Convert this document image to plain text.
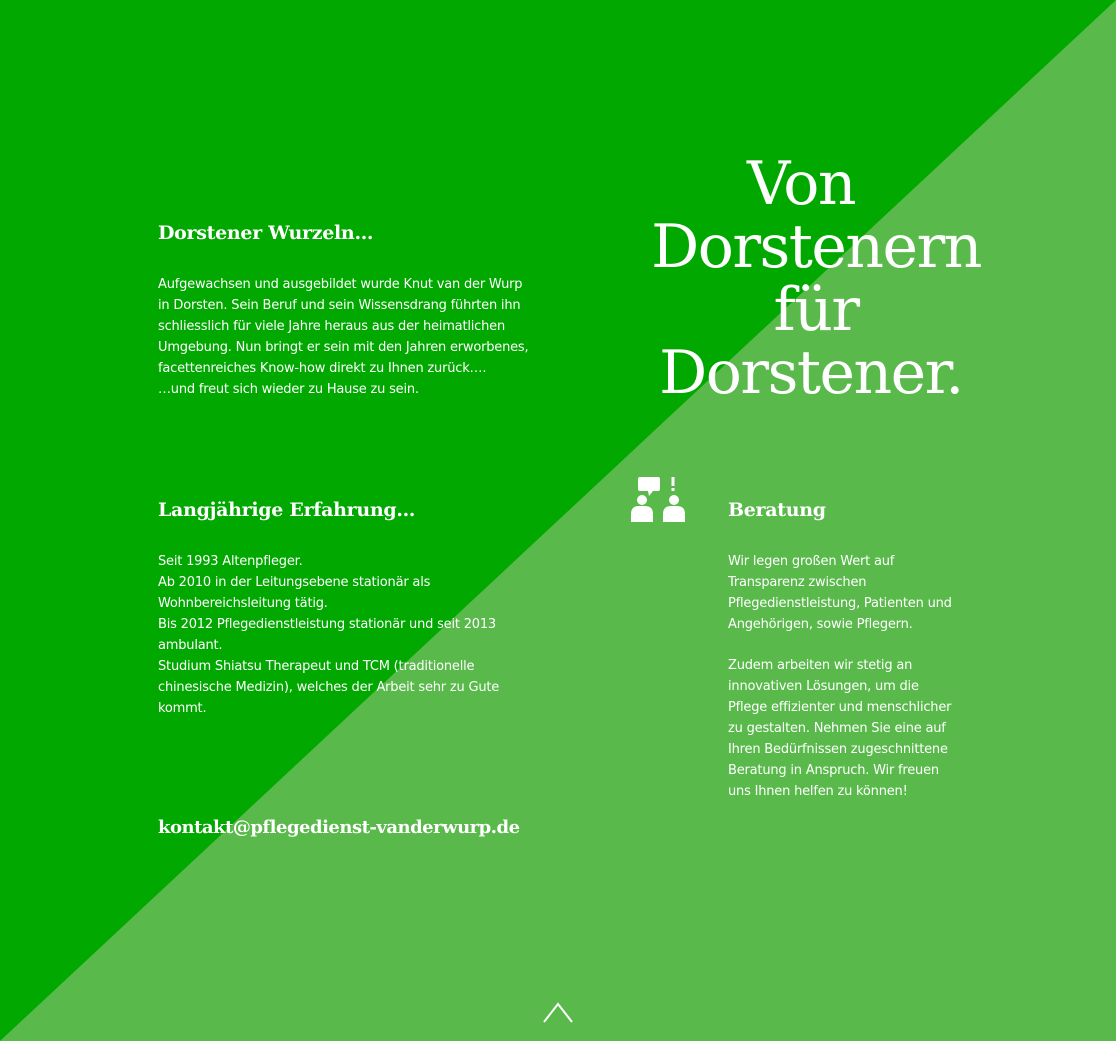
Von
Dorstenern
für
Dorstener.
Dorstener Wurzeln…

Aufgewachsen und ausgebildet wurde Knut van der Wurp
in Dorsten. Sein Beruf und sein Wissensdrang führten ihn
schliesslich für viele Jahre heraus aus der heimatlichen
Umgebung. Nun bringt er sein mit den Jahren erworbenes,
facettenreiches Know-how direkt zu Ihnen zurück….
…und freut sich wieder zu Hause zu sein.

Langjährige Erfahrung…

Seit 1993 Altenpfleger.
Ab 2010 in der Leitungsebene stationär als
Wohnbereichsleitung tätig.
Bis 2012 Pflegedienstleistung stationär und seit 2013
ambulant.
Studium Shiatsu Therapeut und TCM (traditionelle
chinesische Medizin), welches der Arbeit sehr zu Gute
kommt.

Beratung

Wir legen großen Wert auf
Transparenz zwischen
Pflegedienstleistung, Patienten und
Angehörigen, sowie Pflegern.

Zudem arbeiten wir stetig an
innovativen Lösungen, um die
Pflege effizienter und menschlicher
zu gestalten. Nehmen Sie eine auf
Ihren Bedürfnissen zugeschnittene
Beratung in Anspruch. Wir freuen
uns Ihnen helfen zu können!

kontakt@pflegedienst-vanderwurp.de
